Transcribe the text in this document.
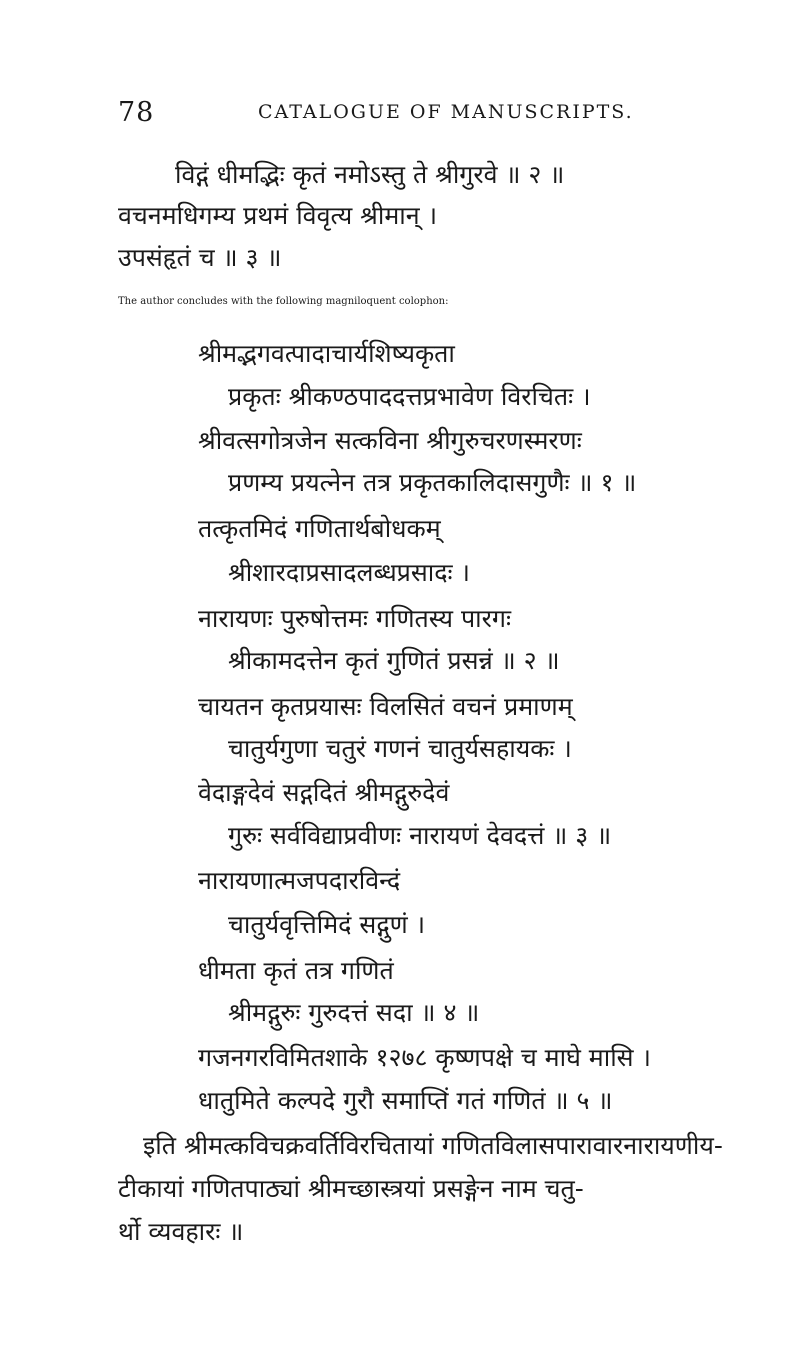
78	CATALOGUE OF MANUSCRIPTS.
विद्गं धीमद्भिः कृतं नमोऽस्तु ते श्रीगुरवे ॥ २ ॥
वचनमधिगम्य प्रथमं विवृत्य श्रीमान् ।
उपसंहृतं च ॥ ३ ॥
The author concludes with the following magniloquent colophon:
श्रीमद्भगवत्पादाचार्यशिष्यकृता
प्रकृतः श्रीकण्ठपाददत्तप्रभावेण विरचितः ।
श्रीवत्सगोत्रजेन सत्कविना श्रीगुरुचरणस्मरणः
प्रणम्य प्रयत्नेन तत्र प्रकृतकालिदासगुणैः ॥ १ ॥
तत्कृतमिदं गणितार्थबोधकम्
श्रीशारदाप्रसादलब्धप्रसादः ।
नारायणः पुरुषोत्तमः गणितस्य पारगः
श्रीकामदत्तेन कृतं गुणितं प्रसन्नं ॥ २ ॥
चायतन कृतप्रयासः विलसितं वचनं प्रमाणम्
चातुर्यगुणा चतुरं गणनं चातुर्यसहायकः ।
वेदाङ्गदेवं सद्गदितं श्रीमद्गुरुदेवं
गुरुः सर्वविद्याप्रवीणः नारायणं देवदत्तं ॥ ३ ॥
नारायणात्मजपदारविन्दं
चातुर्यवृत्तिमिदं सद्गुणं ।
धीमता कृतं तत्र गणितं
श्रीमद्गुरुः गुरुदत्तं सदा ॥ ४ ॥
गजनगरविमितशाके १२७८ कृष्णपक्षे च माघे मासि ।
धातुमिते कल्पदे गुरौ समाप्तिं गतं गणितं ॥ ५ ॥
इति श्रीमत्कविचक्रवर्तिविरचितायां गणितविलासपारावारनारायणीय-
टीकायां गणितपाठ्यां श्रीमच्छास्त्रयां प्रसङ्गेन नाम चतु-
र्थो व्यवहारः ॥
